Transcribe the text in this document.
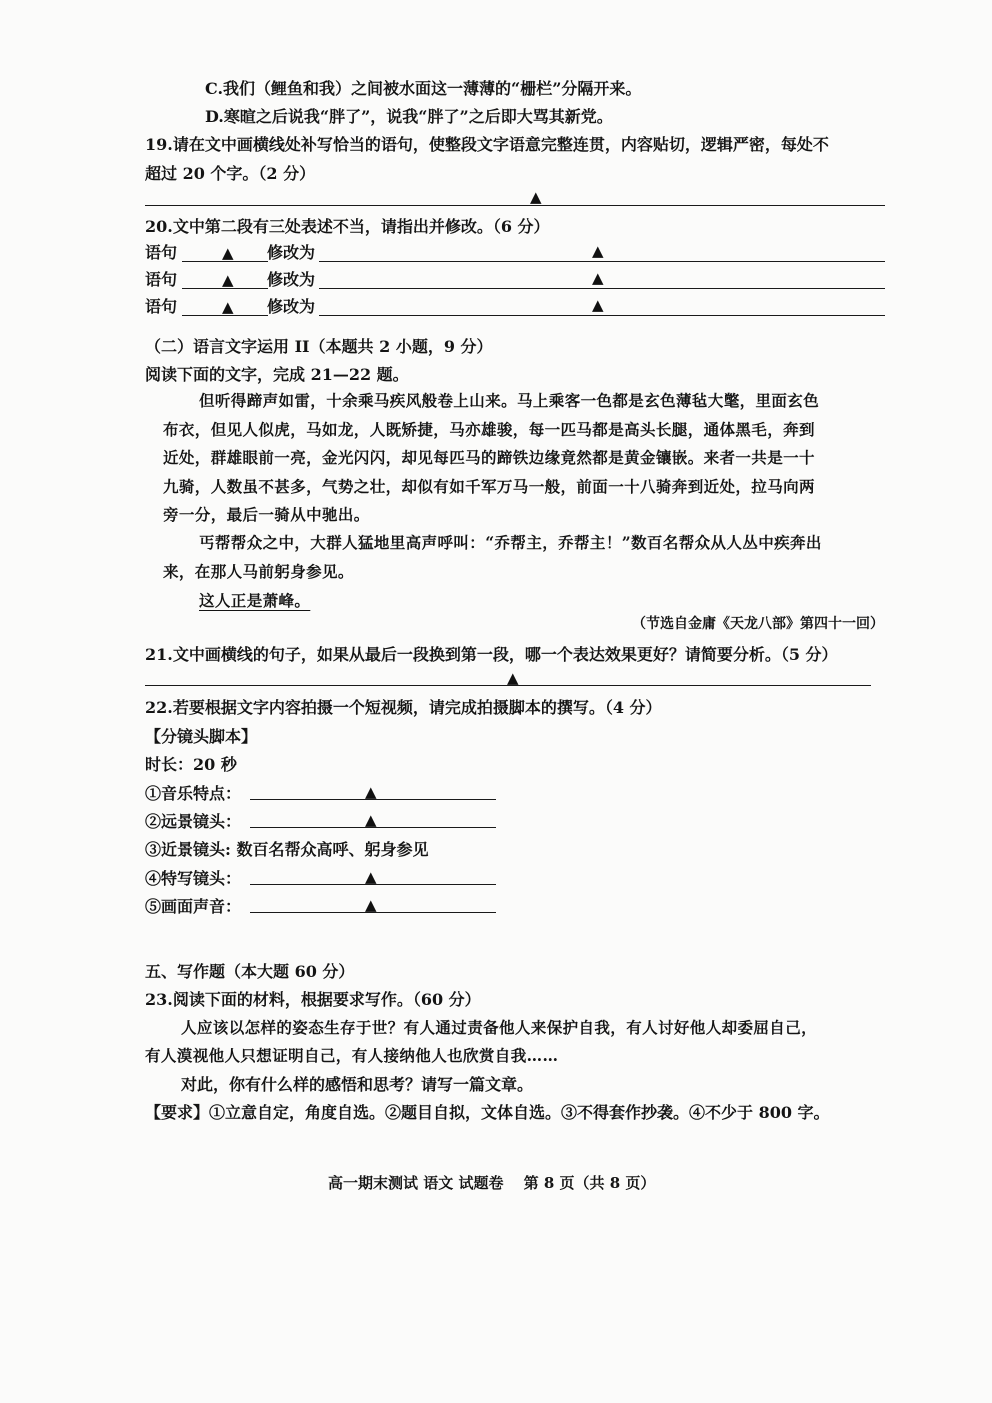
C.我们（鲤鱼和我）之间被水面这一薄薄的“栅栏”分隔开来。
D.寒暄之后说我“胖了”，说我“胖了”之后即大骂其新党。
19.请在文中画横线处补写恰当的语句，使整段文字语意完整连贯，内容贴切，逻辑严密，每处不
超过 20 个字。（2 分）
▲
20.文中第二段有三处表述不当，请指出并修改。（6 分）
语句	▲ 修改为	▲
语句	▲ 修改为	▲
语句	▲ 修改为	▲
（二）语言文字运用 II（本题共 2 小题，9 分）
阅读下面的文字，完成 21—22 题。
但听得蹄声如雷，十余乘马疾风般卷上山来。马上乘客一色都是玄色薄毡大氅，里面玄色
布衣，但见人似虎，马如龙，人既矫捷，马亦雄骏，每一匹马都是高头长腿，通体黑毛，奔到
近处，群雄眼前一亮，金光闪闪，却见每匹马的蹄铁边缘竟然都是黄金镶嵌。来者一共是一十
九骑，人数虽不甚多，气势之壮，却似有如千军万马一般，前面一十八骑奔到近处，拉马向两
旁一分，最后一骑从中驰出。
丐帮帮众之中，大群人猛地里高声呼叫：“乔帮主，乔帮主！”数百名帮众从人丛中疾奔出
来，在那人马前躬身参见。
这人正是萧峰。
（节选自金庸《天龙八部》第四十一回）
21.文中画横线的句子，如果从最后一段换到第一段，哪一个表达效果更好？请简要分析。（5 分）
▲
22.若要根据文字内容拍摄一个短视频，请完成拍摄脚本的撰写。（4 分）
【分镜头脚本】
时长：20 秒
①音乐特点：	▲
②远景镜头：	▲
③近景镜头: 数百名帮众高呼、躬身参见
④特写镜头：	▲
⑤画面声音：	▲
五、写作题（本大题 60 分）
23.阅读下面的材料，根据要求写作。（60 分）
人应该以怎样的姿态生存于世？有人通过责备他人来保护自我，有人讨好他人却委屈自己，
有人漠视他人只想证明自己，有人接纳他人也欣赏自我……
对此，你有什么样的感悟和思考？请写一篇文章。
【要求】①立意自定，角度自选。②题目自拟，文体自选。③不得套作抄袭。④不少于 800 字。
高一期末测试 语文 试题卷　 第 8 页（共 8 页）
